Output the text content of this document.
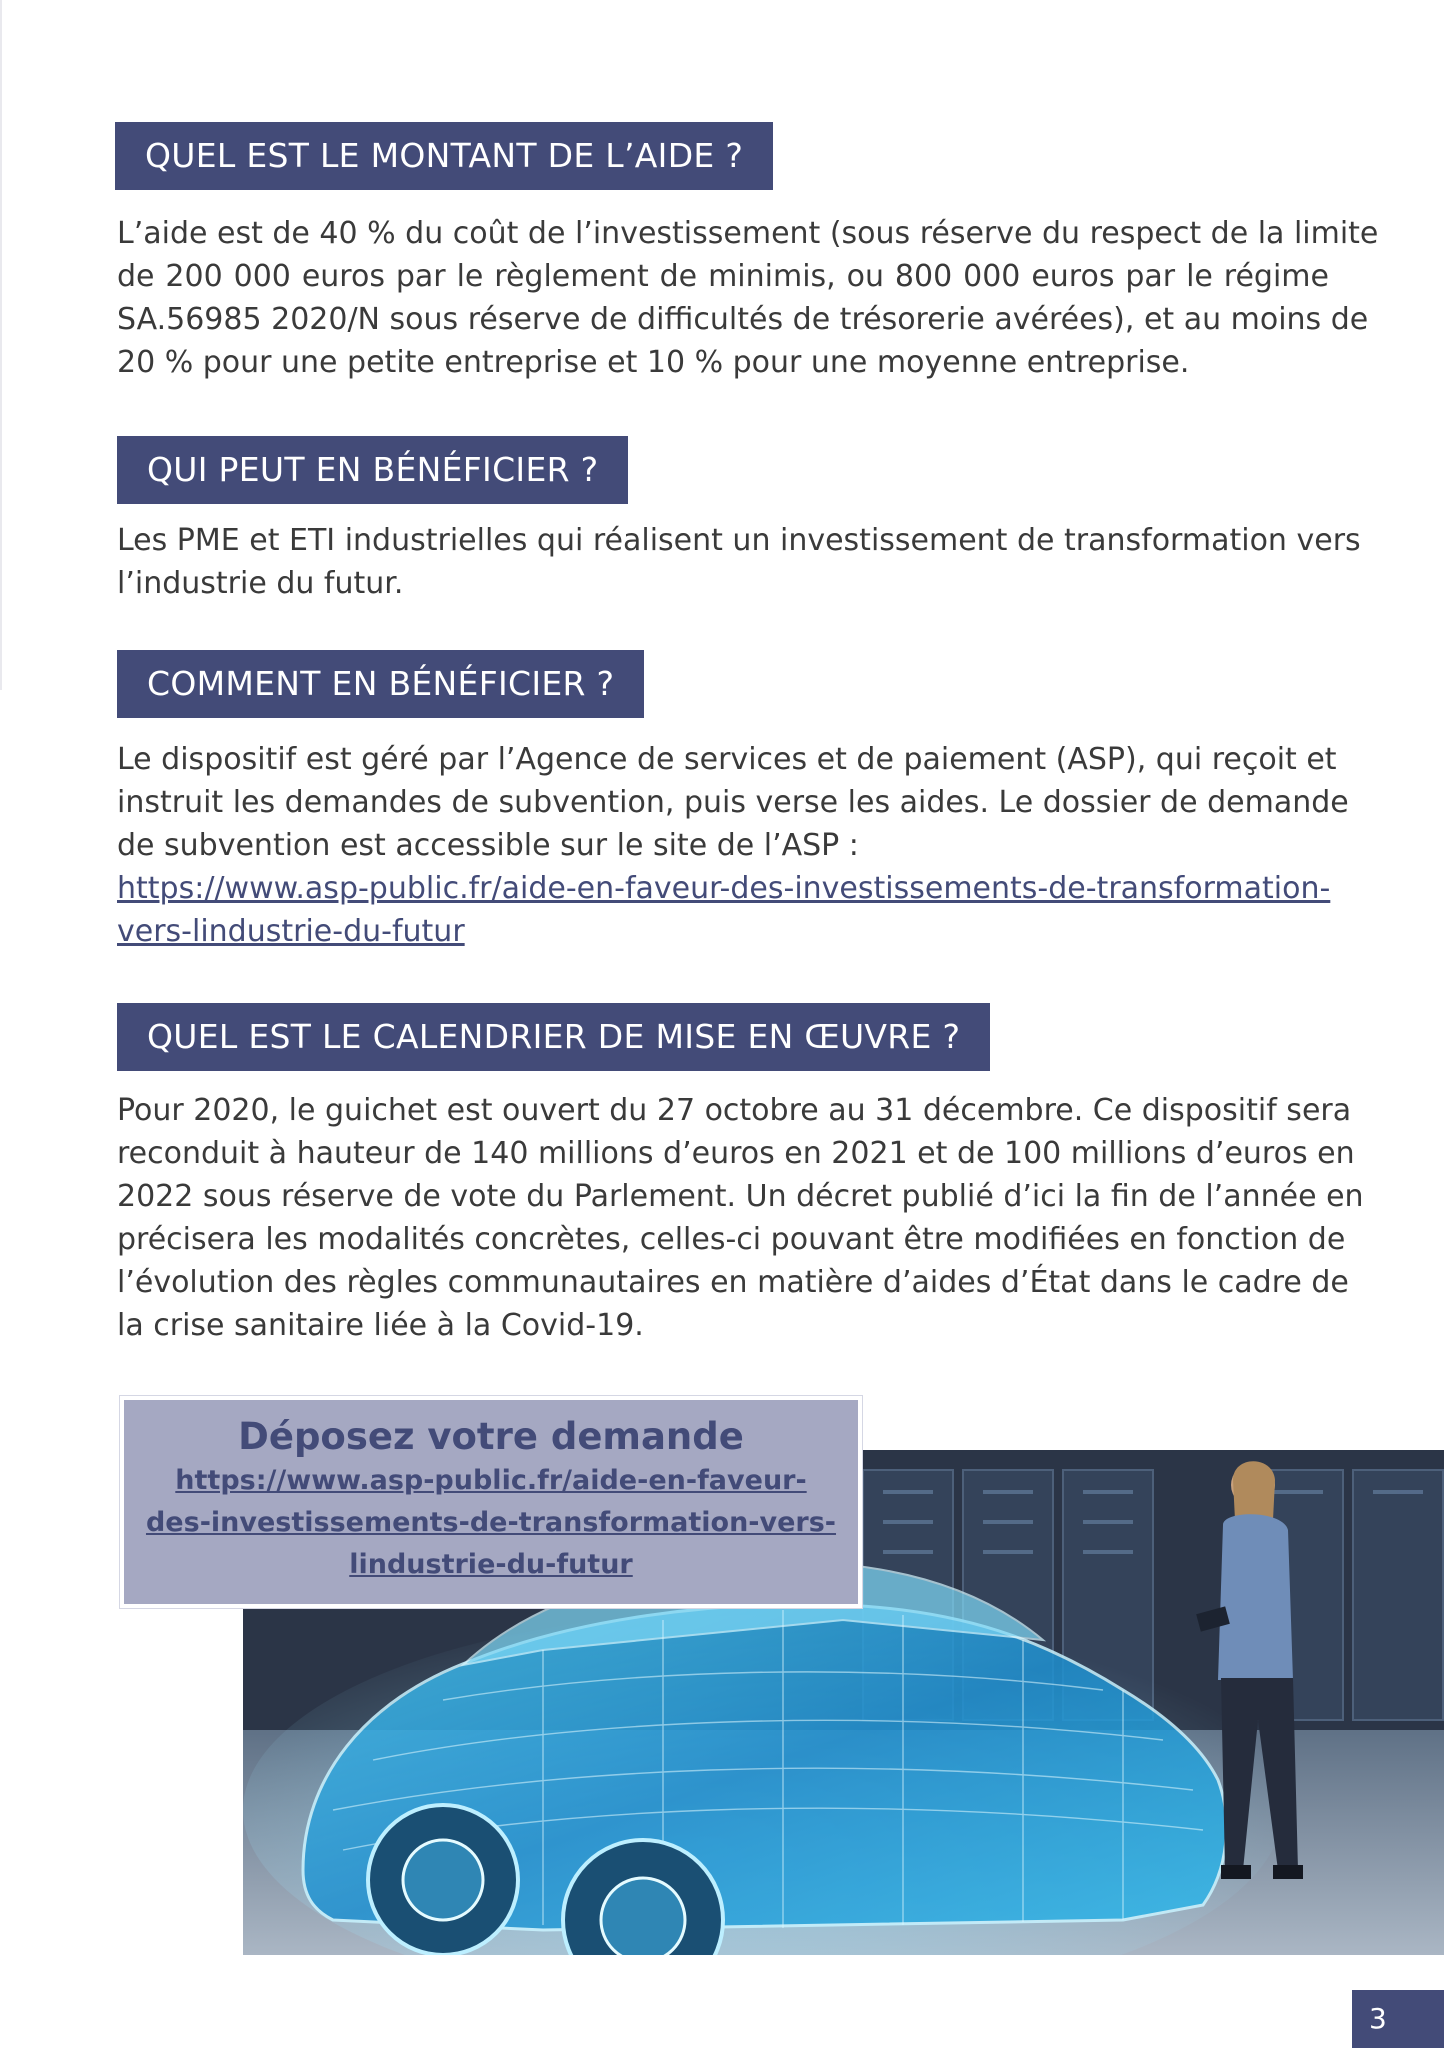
QUEL EST LE MONTANT DE L’AIDE ?
L’aide est de 40 % du coût de l’investissement (sous réserve du respect de la limite
de 200 000 euros par le règlement de minimis, ou 800 000 euros par le régime
SA.56985 2020/N sous réserve de difficultés de trésorerie avérées), et au moins de
20 % pour une petite entreprise et 10 % pour une moyenne entreprise.
QUI PEUT EN BÉNÉFICIER ?
Les PME et ETI industrielles qui réalisent un investissement de transformation vers
l’industrie du futur.
COMMENT EN BÉNÉFICIER ?
Le dispositif est géré par l’Agence de services et de paiement (ASP), qui reçoit et
instruit les demandes de subvention, puis verse les aides. Le dossier de demande
de subvention est accessible sur le site de l’ASP :
https://www.asp-public.fr/aide-en-faveur-des-investissements-de-transformation-
vers-lindustrie-du-futur
QUEL EST LE CALENDRIER DE MISE EN ŒUVRE ?
Pour 2020, le guichet est ouvert du 27 octobre au 31 décembre. Ce dispositif sera
reconduit à hauteur de 140 millions d’euros en 2021 et de 100 millions d’euros en
2022 sous réserve de vote du Parlement. Un décret publié d’ici la fin de l’année en
précisera les modalités concrètes, celles-ci pouvant être modifiées en fonction de
l’évolution des règles communautaires en matière d’aides d’État dans le cadre de
la crise sanitaire liée à la Covid-19.
Déposez votre demande
https://www.asp-public.fr/aide-en-faveur-
des-investissements-de-transformation-vers-
lindustrie-du-futur
3
